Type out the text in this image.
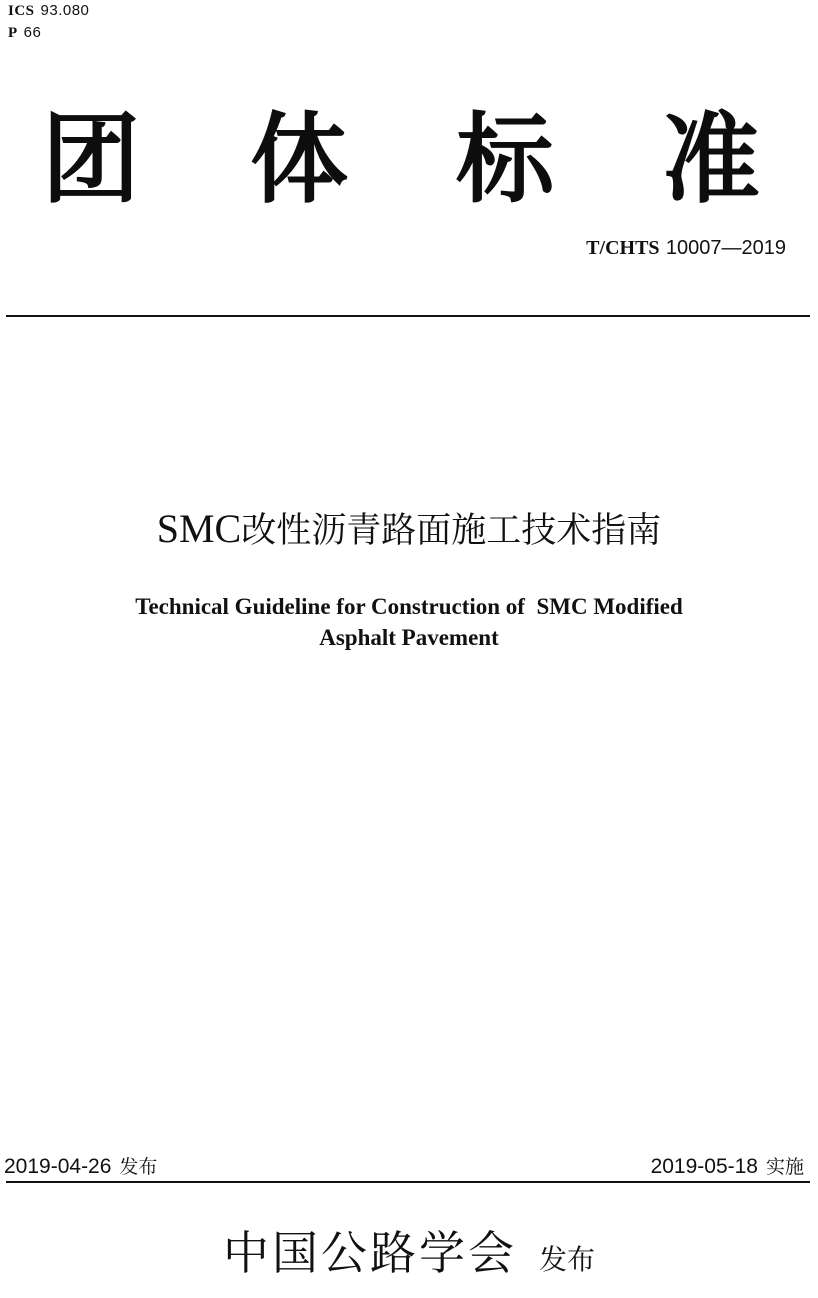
ICS 93.080
P 66
团 体 标 准
T/CHTS 10007—2019
SMC改性沥青路面施工技术指南
Technical Guideline for Construction of  SMC Modified
Asphalt Pavement
2019-04-26 发布	2019-05-18 实施
中国公路学会 发布
